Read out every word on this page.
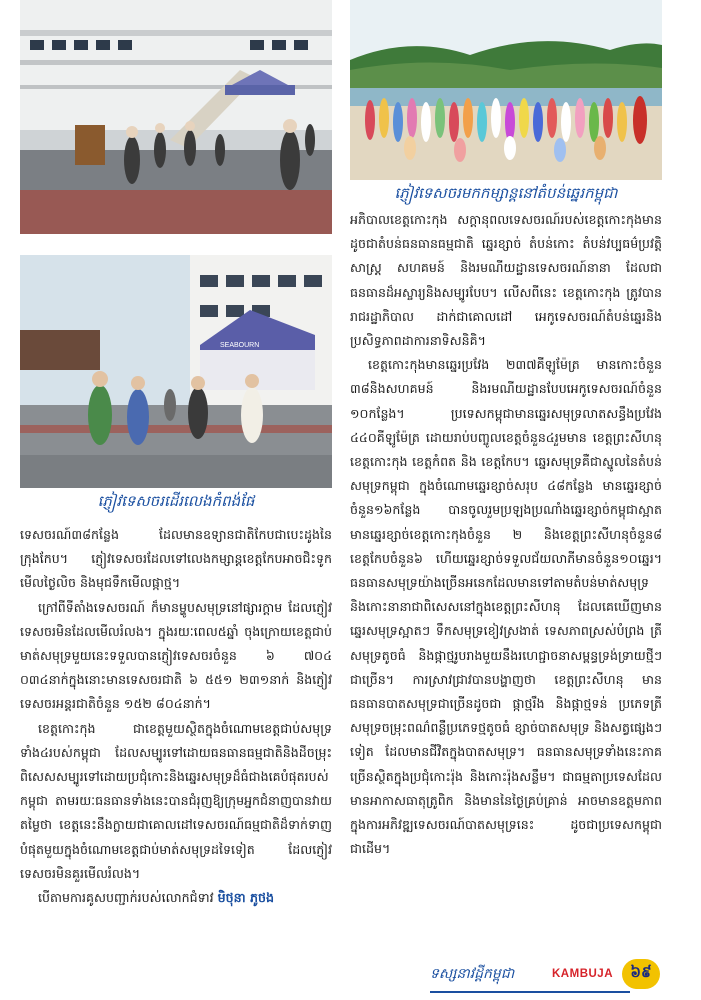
ភ្ញៀវទេសចរមកកម្សាន្តនៅតំបន់ឆ្នេរកម្ពុជា
SEABOURN
ភ្ញៀវទេសចរដើរលេងកំពង់ផែ

ទេសចរណ៍៣៨កន្លែង ដែលមានឧទ្យានជាតិកែបជាបេះដូងនៃក្រុងកែប។ ភ្ញៀវទេសចរដែលទៅលេងកម្សាន្តខេត្តកែបអាចជិះទូកមើលថ្ងៃលិច និងមុជទឹកមើលផ្កាថ្ម។

ក្រៅពីទីតាំងទេសចរណ៍ ក៏មានម្ហូបសមុទ្រនៅផ្សារក្តាម ដែលភ្ញៀវទេសចរមិនដែលមើលរំលង។ ក្នុងរយៈពេល៥ឆ្នាំ ចុងក្រោយខេត្តជាប់មាត់សមុទ្រមួយនេះទទួលបានភ្ញៀវទេសចរចំនួន ៦ ៧០៤ ០៣៤នាក់ក្នុងនោះមានទេសចរជាតិ ៦ ៥៥១ ២៣១នាក់ និងភ្ញៀវទេសចរអន្តរជាតិចំនួន ១៥២ ៨០៤នាក់។

ខេត្តកោះកុង ជាខេត្តមួយស្ថិតក្នុងចំណោមខេត្តជាប់សមុទ្រទាំង៤របស់កម្ពុជា ដែលសម្បូរទៅដោយធនធានធម្មជាតិនិងដីចម្រុះពិសេសសម្បូរទៅដោយប្រជុំកោះនិងឆ្នេរសមុទ្រដ៏ធំជាងគេបំផុតរបស់កម្ពុជា តាមរយៈធនធានទាំងនេះបានជំរុញឱ្យក្រុមអ្នកជំនាញបានវាយតម្លៃថា ខេត្តនេះនឹងក្លាយជាគោលដៅទេសចរណ៍ធម្មជាតិដ៏ទាក់ទាញបំផុតមួយក្នុងចំណោមខេត្តជាប់មាត់សមុទ្រដទៃទៀត ដែលភ្ញៀវទេសចរមិនគួរមើលរំលង។

បើតាមការគូសបញ្ជាក់របស់លោកជំទាវ មិថុនា ភូថង

អភិបាលខេត្តកោះកុង សក្តានុពលទេសចរណ៍របស់ខេត្តកោះកុងមានដូចជាតំបន់ធនធានធម្មជាតិ ឆ្នេរខ្សាច់ តំបន់កោះ តំបន់វប្បធម៌ប្រវត្តិសាស្រ្ត សហគមន៍ និងរមណីយដ្ឋានទេសចរណ៍នានា ដែលជាធនធានដ៏អស្ចារ្យនិងសម្បូរបែប។ លើសពីនេះ ខេត្តកោះកុង ត្រូវបានរាជរដ្ឋាភិបាល ដាក់ជាគោលដៅ អេកូទេសចរណ៍តំបន់ឆ្នេរនិងប្រសិទ្ធភាពដាការនាទិសនិគិ។

ខេត្តកោះកុងមានឆ្នេរប្រវែង ២៣៧គីឡូម៉ែត្រ មានកោះចំនួន ៣៨និងសហគមន៍ និងរមណីយដ្ឋានបែបអេកូទេសចរណ៍ចំនួន ១០កន្លែង។ ប្រទេសកម្ពុជាមានឆ្នេរសមុទ្រលាតសន្ធឹងប្រវែង ៤៤០គីឡូម៉ែត្រ ដោយរាប់បញ្ចូលខេត្តចំនួន៤រួមមាន ខេត្តព្រះសីហនុ ខេត្តកោះកុង ខេត្តកំពត និង ខេត្តកែប។ ឆ្នេរសមុទ្រគឺជាស្នូលនៃតំបន់សមុទ្រកម្ពុជា ក្នុងចំណោមឆ្នេរខ្សាច់សរុប ៤៨កន្លែង មានឆ្នេរខ្សាច់ចំនួន១៦កន្លែង បានចូលរួមប្រឡងប្រណាំងឆ្នេរខ្សាច់កម្ពុជាស្អាត មានឆ្នេរខ្សាច់ខេត្តកោះកុងចំនួន ២ និងខេត្តព្រះសីហនុចំនួន៨ ខេត្តកែបចំនួន៦ ហើយឆ្នេរខ្សាច់ទទួលជ័យលាភីមានចំនួន១០ឆ្នេរ។ ធនធានសមុទ្រយ៉ាងច្រើនអនេកដែលមានទៅតាមតំបន់មាត់សមុទ្រ និងកោះនានាជាពិសេសនៅក្នុងខេត្តព្រះសីហនុ ដែលគេឃើញមានឆ្នេរសមុទ្រស្អាតៗ ទឹកសមុទ្រខៀវស្រងាត់ ទេសភាពស្រស់បំព្រង ត្រីសមុទ្រតូចធំ និងផ្កាថ្មរូបរាងមួយនឹងរហេជ្ជាចនាសម្ពន្ធទ្រង់ទ្រាយថ្មីៗ ជាច្រើន។ ការស្រាវជ្រាវបានបង្ហាញថា ខេត្តព្រះសីហនុ មានធនធានបាតសមុទ្រជាច្រើនដូចជា ផ្កាថ្មរឹង និងផ្កាថ្មទន់ ប្រភេទត្រីសមុទ្រចម្រុះពណ៌ពន្លឺប្រភេទថ្មតូចធំ ខ្សាច់បាតសមុទ្រ និងសត្វផ្សេងៗ ទៀត ដែលមានជីវិតក្នុងបាតសមុទ្រ។ ធនធានសមុទ្រទាំងនេះភាគច្រើនស្ថិតក្នុងប្រជុំកោះរ៉ុង និងកោះរ៉ុងសន្លឹម។ ជាធម្មតាប្រទេសដែលមានអាកាសធាតុត្រូពិក និងមាននៃថ្ងៃគ្រប់គ្រាន់ អាចមានឧត្តមភាពក្នុងការអភិវឌ្ឍទេសចរណ៍បាតសមុទ្រនេះ ដូចជាប្រទេសកម្ពុជាជាដើម។

ទស្សនាវដ្តីកម្ពុជា	KAMBUJA	៦៩
